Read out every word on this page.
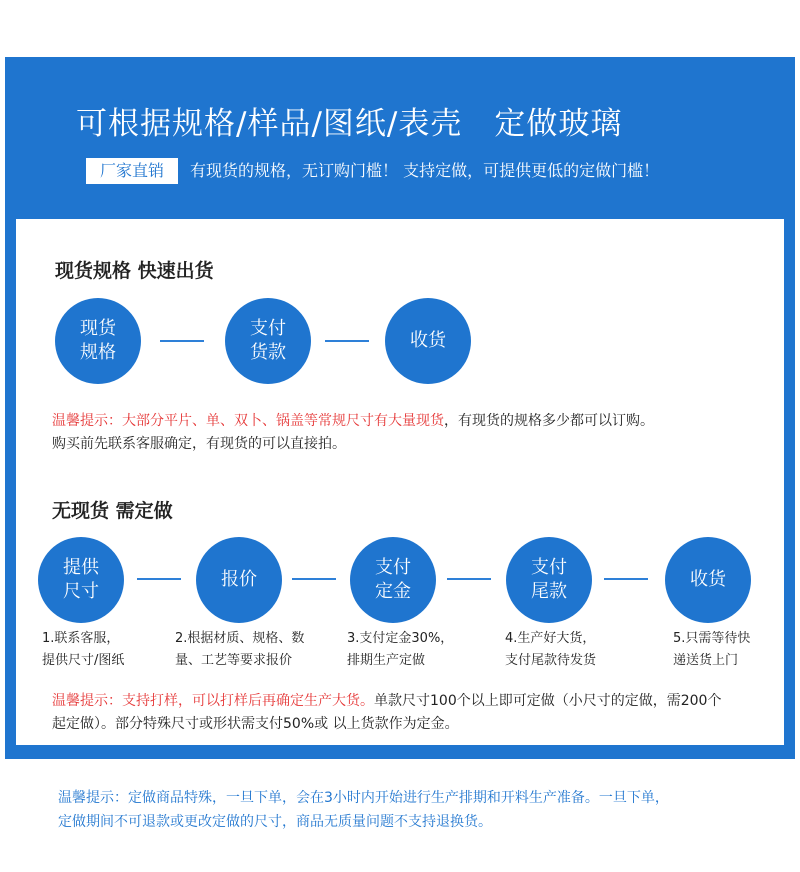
可根据规格/样品/图纸/表壳　定做玻璃
厂家直销	有现货的规格，无订购门槛！ 支持定做，可提供更低的定做门槛！
现货规格 快速出货
现货
规格
支付
货款
收货
温馨提示：大部分平片、单、双卜、锅盖等常规尺寸有大量现货，有现货的规格多少都可以订购。
购买前先联系客服确定，有现货的可以直接拍。
无现货 需定做
提供
尺寸
报价
支付
定金
支付
尾款
收货
1.联系客服，
提供尺寸/图纸
2.根据材质、规格、数
量、工艺等要求报价
3.支付定金30%，
排期生产定做
4.生产好大货，
支付尾款待发货
5.只需等待快
递送货上门
温馨提示：支持打样，可以打样后再确定生产大货。单款尺寸100个以上即可定做（小尺寸的定做，需200个
起定做）。部分特殊尺寸或形状需支付50%或 以上货款作为定金。
温馨提示：定做商品特殊，一旦下单，会在3小时内开始进行生产排期和开料生产准备。一旦下单，
定做期间不可退款或更改定做的尺寸，商品无质量问题不支持退换货。
